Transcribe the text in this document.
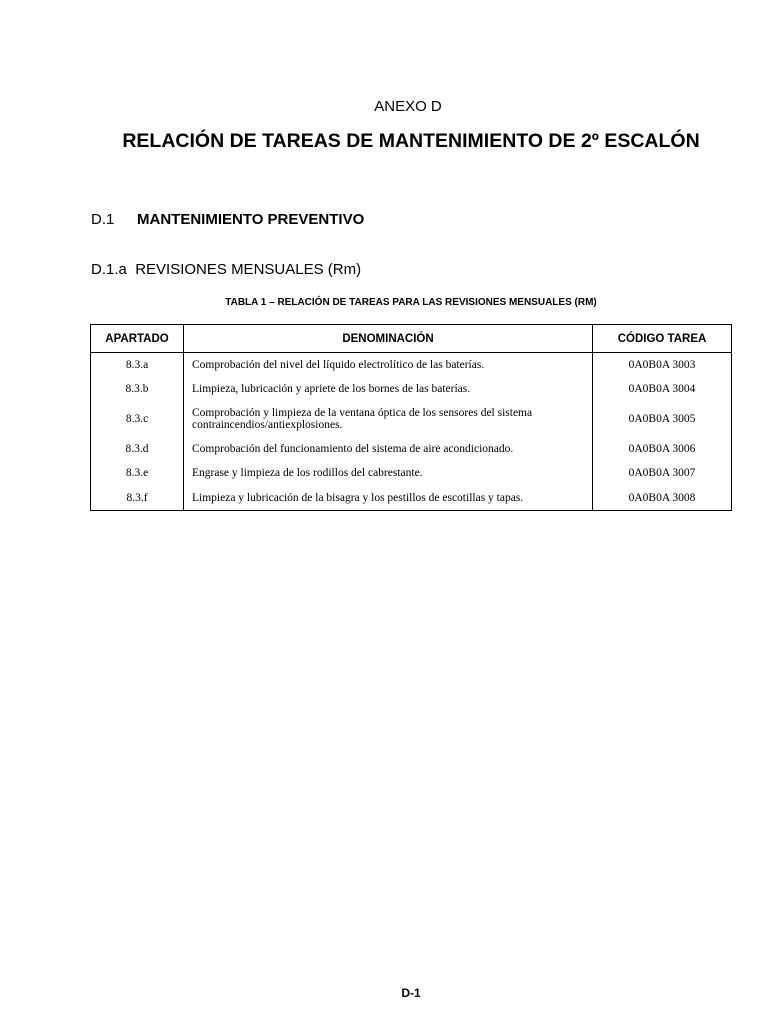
ANEXO D
RELACIÓN DE TAREAS DE MANTENIMIENTO DE 2º ESCALÓN
D.1 MANTENIMIENTO PREVENTIVO
D.1.a REVISIONES MENSUALES (Rm)
TABLA 1 – RELACIÓN DE TAREAS PARA LAS REVISIONES MENSUALES (RM)
APARTADO	DENOMINACIÓN	CÓDIGO TAREA
8.3.a	Comprobación del nivel del líquido electrolítico de las baterías.	0A0B0A 3003
8.3.b	Limpieza, lubricación y apriete de los bornes de las baterías.	0A0B0A 3004
8.3.c	Comprobación y limpieza de la ventana óptica de los sensores del sistema contraincendios/antiexplosiones.	0A0B0A 3005
8.3.d	Comprobación del funcionamiento del sistema de aire acondicionado.	0A0B0A 3006
8.3.e	Engrase y limpieza de los rodillos del cabrestante.	0A0B0A 3007
8.3.f	Limpieza y lubricación de la bisagra y los pestillos de escotillas y tapas.	0A0B0A 3008
D-1
